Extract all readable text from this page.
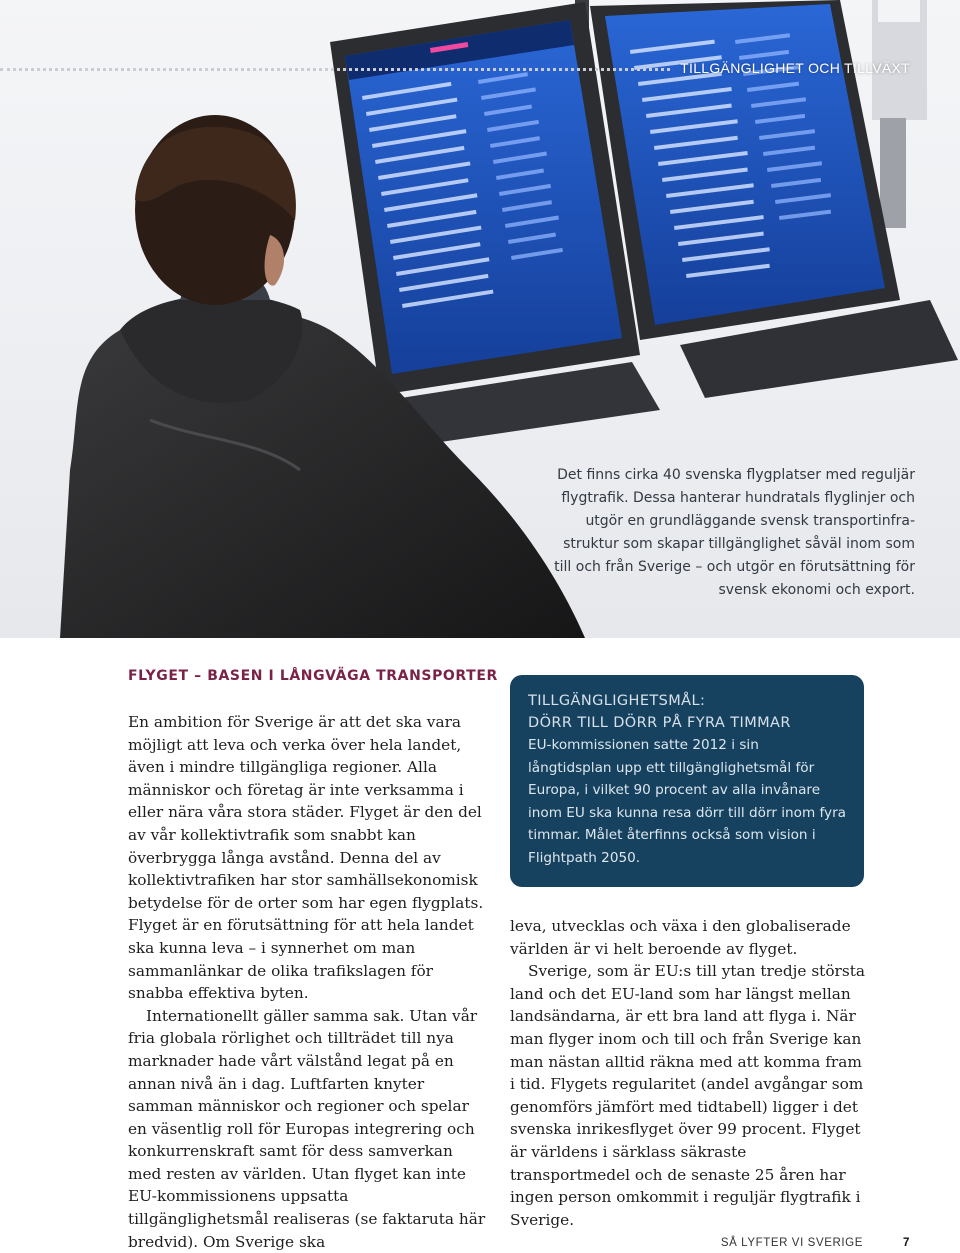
TILLGÄNGLIGHET OCH TILLVÄXT

Det finns cirka 40 svenska flygplatser med reguljär flygtrafik. Dessa hanterar hundratals flyglinjer och utgör en grundläggande svensk transportinfra-struktur som skapar tillgänglighet såväl inom som till och från Sverige – och utgör en förutsättning för svensk ekonomi och export.

FLYGET – BASEN I LÅNGVÄGA TRANSPORTER

En ambition för Sverige är att det ska vara möjligt att leva och verka över hela landet, även i mindre tillgängliga regioner. Alla människor och företag är inte verksamma i eller nära våra stora städer. Flyget är den del av vår kollektivtrafik som snabbt kan överbrygga långa avstånd. Denna del av kollektivtrafiken har stor samhällsekonomisk betydelse för de orter som har egen flygplats. Flyget är en förutsättning för att hela landet ska kunna leva – i synnerhet om man sammanlänkar de olika trafikslagen för snabba effektiva byten.

Internationellt gäller samma sak. Utan vår fria globala rörlighet och tillträdet till nya marknader hade vårt välstånd legat på en annan nivå än i dag. Luftfarten knyter samman människor och regioner och spelar en väsentlig roll för Europas integrering och konkurrenskraft samt för dess samverkan med resten av världen. Utan flyget kan inte EU-kommissionens uppsatta tillgänglighetsmål realiseras (se faktaruta här bredvid). Om Sverige ska

TILLGÄNGLIGHETSMÅL:
DÖRR TILL DÖRR PÅ FYRA TIMMAR

EU-kommissionen satte 2012 i sin långtidsplan upp ett tillgänglighetsmål för Europa, i vilket 90 procent av alla invånare inom EU ska kunna resa dörr till dörr inom fyra timmar. Målet återfinns också som vision i Flightpath 2050.

leva, utvecklas och växa i den globaliserade världen är vi helt beroende av flyget.

Sverige, som är EU:s till ytan tredje största land och det EU-land som har längst mellan landsändarna, är ett bra land att flyga i. När man flyger inom och till och från Sverige kan man nästan alltid räkna med att komma fram i tid. Flygets regularitet (andel avgångar som genomförs jämfört med tidtabell) ligger i det svenska inrikesflyget över 99 procent. Flyget är världens i särklass säkraste transportmedel och de senaste 25 åren har ingen person omkommit i reguljär flygtrafik i Sverige.

SÅ LYFTER VI SVERIGE	7
